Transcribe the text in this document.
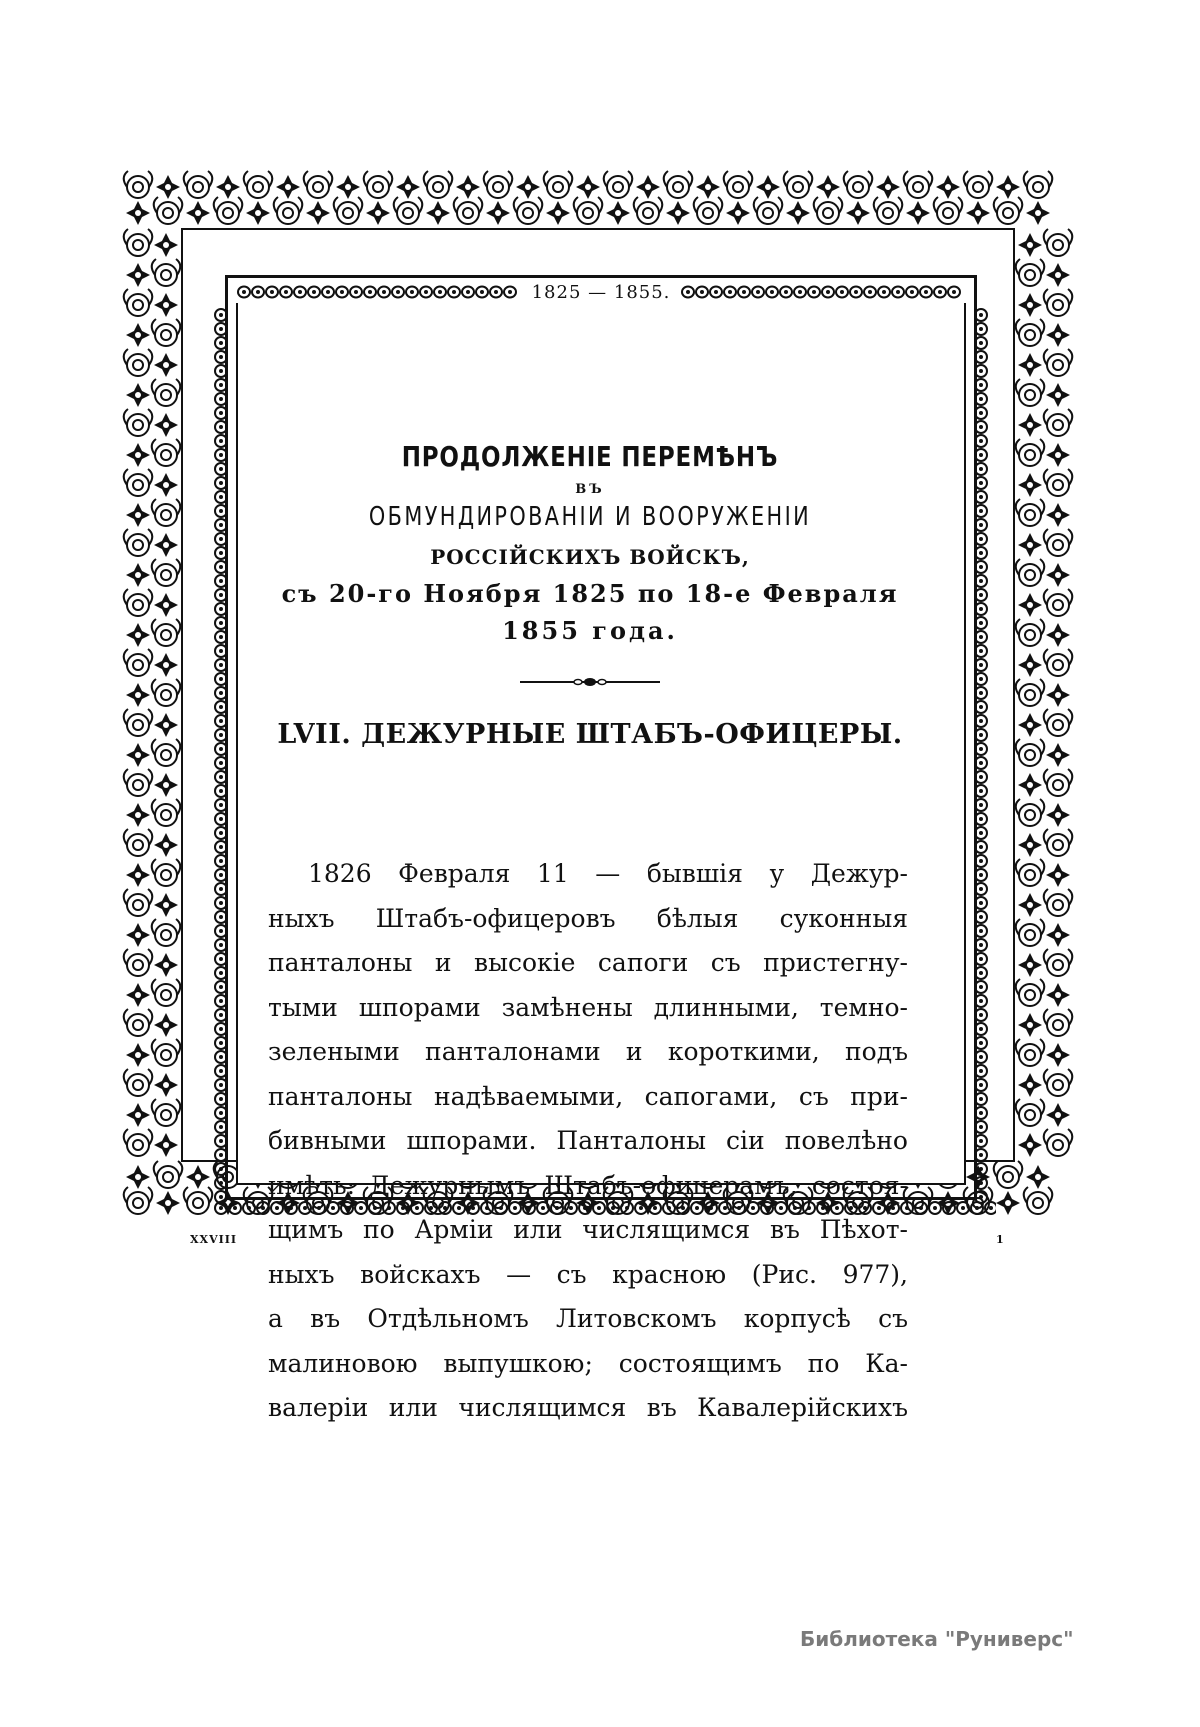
1825 — 1855.
ПРОДОЛЖЕНІЕ ПЕРЕМѢНЪ
ВЪ
ОБМУНДИРОВАНІИ И ВООРУЖЕНІИ
РОССІЙСКИХЪ ВОЙСКЪ,
съ 20-го Ноября 1825 по 18-е Февраля
1855 года.
LVII. ДЕЖУРНЫЕ ШТАБЪ-ОФИЦЕРЫ.
1826 Февраля 11 — бывшія у Дежур-
ныхъ Штабъ-офицеровъ бѣлыя суконныя
панталоны и высокіе сапоги съ пристегну-
тыми шпорами замѣнены длинными, темно-
зелеными панталонами и короткими, подъ
панталоны надѣваемыми, сапогами, съ при-
бивными шпорами. Панталоны сіи повелѣно
имѣть: Дежурнымъ Штабъ-офицерамъ, состоя-
щимъ по Арміи или числящимся въ Пѣхот-
ныхъ войскахъ — съ красною (Рис. 977),
а въ Отдѣльномъ Литовскомъ корпусѣ съ
малиновою выпушкою; состоящимъ по Ка-
валеріи или числящимся въ Кавалерійскихъ
XXVIII	1
Библиотека "Руниверс"
